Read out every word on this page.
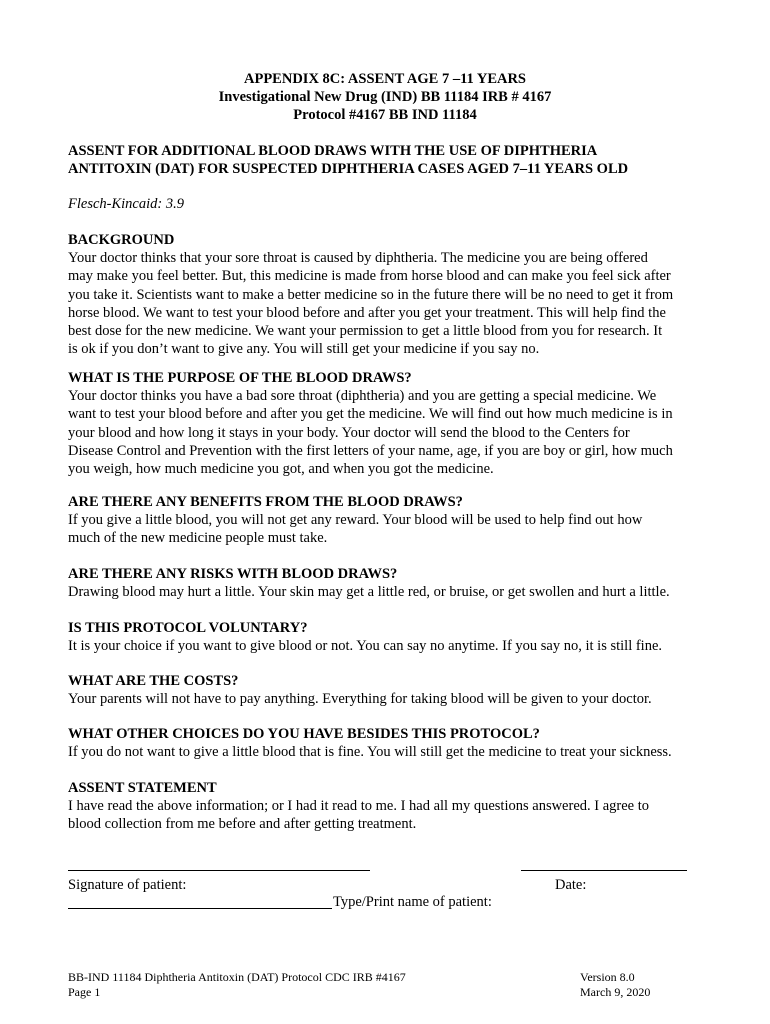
APPENDIX 8C: ASSENT AGE 7 –11 YEARS
Investigational New Drug (IND) BB 11184 IRB # 4167
Protocol #4167 BB IND 11184
ASSENT FOR ADDITIONAL BLOOD DRAWS WITH THE USE OF DIPHTHERIA
ANTITOXIN (DAT) FOR SUSPECTED DIPHTHERIA CASES AGED 7–11 YEARS OLD
Flesch-Kincaid: 3.9
BACKGROUND
Your doctor thinks that your sore throat is caused by diphtheria. The medicine you are being offered
may make you feel better. But, this medicine is made from horse blood and can make you feel sick after
you take it. Scientists want to make a better medicine so in the future there will be no need to get it from
horse blood. We want to test your blood before and after you get your treatment. This will help find the
best dose for the new medicine. We want your permission to get a little blood from you for research. It
is ok if you don’t want to give any. You will still get your medicine if you say no.
WHAT IS THE PURPOSE OF THE BLOOD DRAWS?
Your doctor thinks you have a bad sore throat (diphtheria) and you are getting a special medicine. We
want to test your blood before and after you get the medicine. We will find out how much medicine is in
your blood and how long it stays in your body. Your doctor will send the blood to the Centers for
Disease Control and Prevention with the first letters of your name, age, if you are boy or girl, how much
you weigh, how much medicine you got, and when you got the medicine.
ARE THERE ANY BENEFITS FROM THE BLOOD DRAWS?
If you give a little blood, you will not get any reward. Your blood will be used to help find out how
much of the new medicine people must take.
ARE THERE ANY RISKS WITH BLOOD DRAWS?
Drawing blood may hurt a little. Your skin may get a little red, or bruise, or get swollen and hurt a little.
IS THIS PROTOCOL VOLUNTARY?
It is your choice if you want to give blood or not. You can say no anytime. If you say no, it is still fine.
WHAT ARE THE COSTS?
Your parents will not have to pay anything. Everything for taking blood will be given to your doctor.
WHAT OTHER CHOICES DO YOU HAVE BESIDES THIS PROTOCOL?
If you do not want to give a little blood that is fine. You will still get the medicine to treat your sickness.
ASSENT STATEMENT
I have read the above information; or I had it read to me. I had all my questions answered. I agree to
blood collection from me before and after getting treatment.
Signature of patient:	Date:
Type/Print name of patient:
BB-IND 11184 Diphtheria Antitoxin (DAT) Protocol CDC IRB #4167
Page 1
Version 8.0
March 9, 2020
